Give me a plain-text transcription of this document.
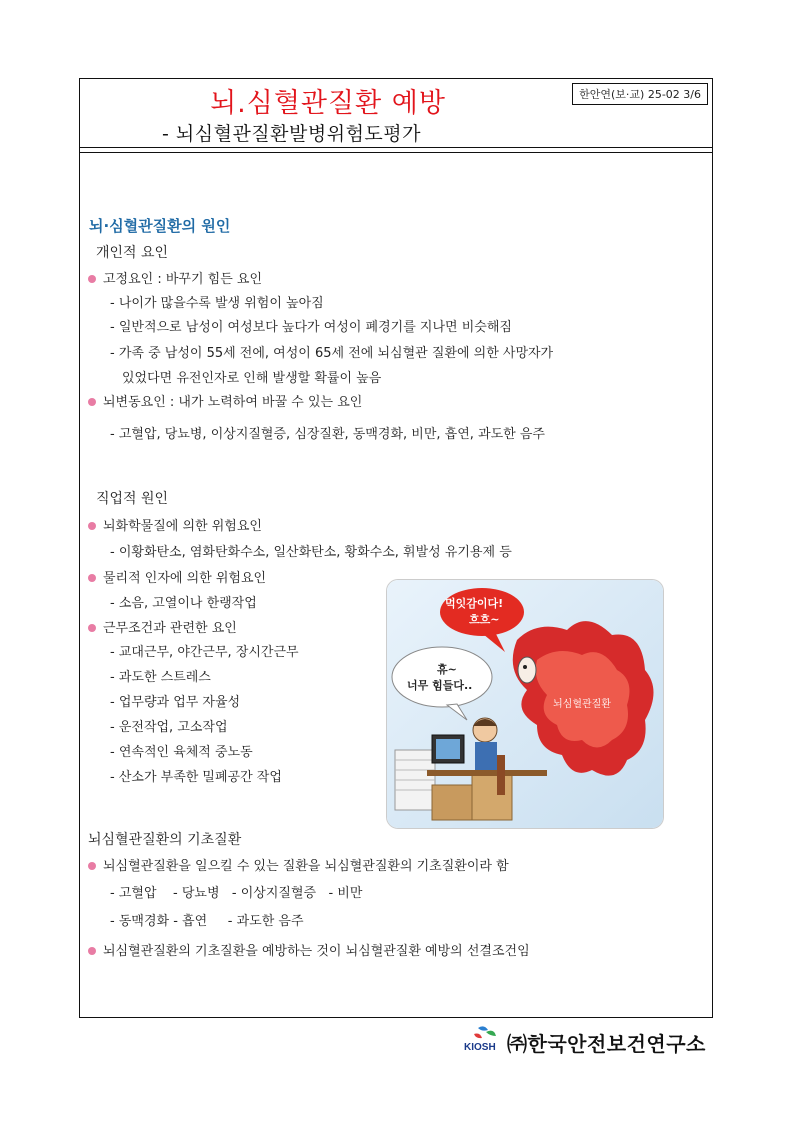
뇌.심혈관질환 예방
- 뇌심혈관질환발병위험도평가
한안연(보·교) 25-02 3/6
뇌·심혈관질환의 원인
개인적 요인
고정요인 : 바꾸기 힘든 요인
- 나이가 많을수록 발생 위험이 높아짐
- 일반적으로 남성이 여성보다 높다가 여성이 폐경기를 지나면 비슷해짐
- 가족 중 남성이 55세 전에, 여성이 65세 전에 뇌심혈관 질환에 의한 사망자가
있었다면 유전인자로 인해 발생할 확률이 높음
뇌변동요인 : 내가 노력하여 바꿀 수 있는 요인
- 고혈압, 당뇨병, 이상지질혈증, 심장질환, 동맥경화, 비만, 흡연, 과도한 음주
직업적 원인
뇌화학물질에 의한 위험요인
- 이황화탄소, 염화탄화수소, 일산화탄소, 황화수소, 휘발성 유기용제 등
물리적 인자에 의한 위험요인
- 소음, 고열이나 한랭작업
근무조건과 관련한 요인
- 교대근무, 야간근무, 장시간근무
- 과도한 스트레스
- 업무량과 업무 자율성
- 운전작업, 고소작업
- 연속적인 육체적 중노동
- 산소가 부족한 밀폐공간 작업
먹잇감이다!
흐흐~
휴~
너무 힘들다..
뇌심혈관질환
뇌심혈관질환의 기초질환
뇌심혈관질환을 일으킬 수 있는 질환을 뇌심혈관질환의 기초질환이라 함
- 고혈압    - 당뇨병   - 이상지질혈증   - 비만
- 동맥경화 - 흡연     - 과도한 음주
뇌심혈관질환의 기초질환을 예방하는 것이 뇌심혈관질환 예방의 선결조건임
KIOSH ㈜한국안전보건연구소
